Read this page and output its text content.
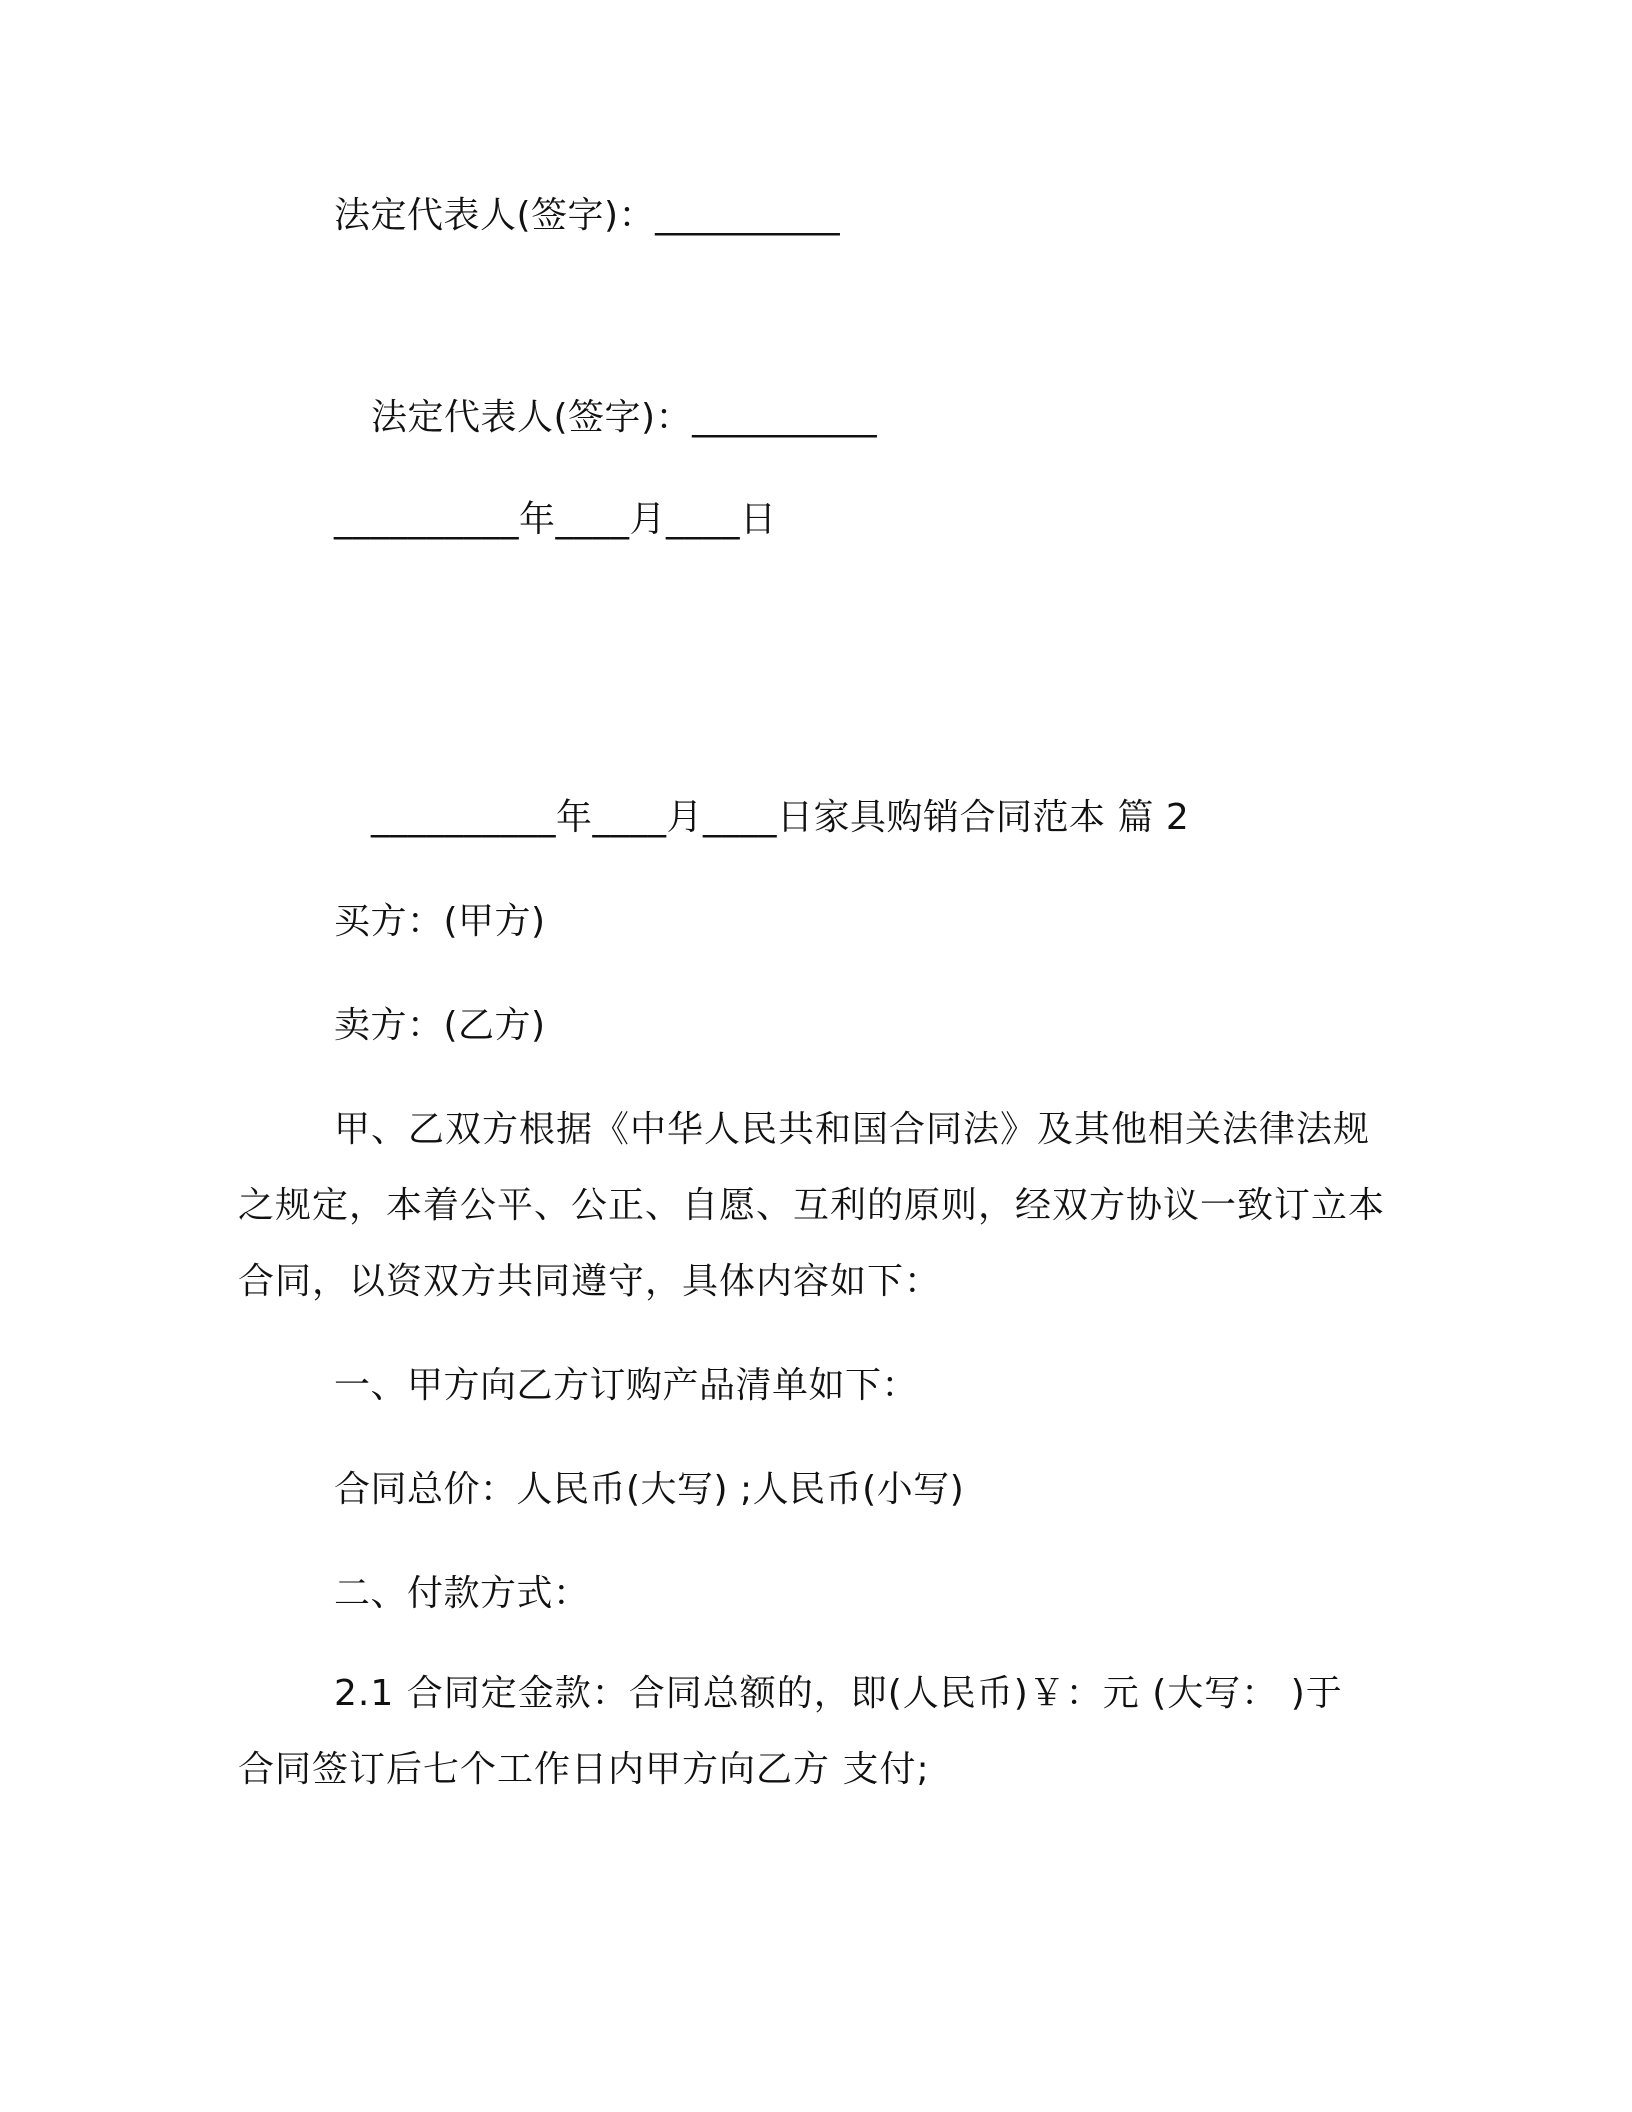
法定代表人(签字)：__________
法定代表人(签字)：__________
__________年____月____日
__________年____月____日家具购销合同范本 篇 2
买方：(甲方)
卖方：(乙方)
甲、乙双方根据《中华人民共和国合同法》及其他相关法律法规之规定，本着公平、公正、自愿、互利的原则，经双方协议一致订立本合同，以资双方共同遵守，具体内容如下：
一、甲方向乙方订购产品清单如下：
合同总价：人民币(大写) ;人民币(小写)
二、付款方式：
2.1 合同定金款：合同总额的，即(人民币)￥：元 (大写： )于 合同签订后七个工作日内甲方向乙方 支付;
